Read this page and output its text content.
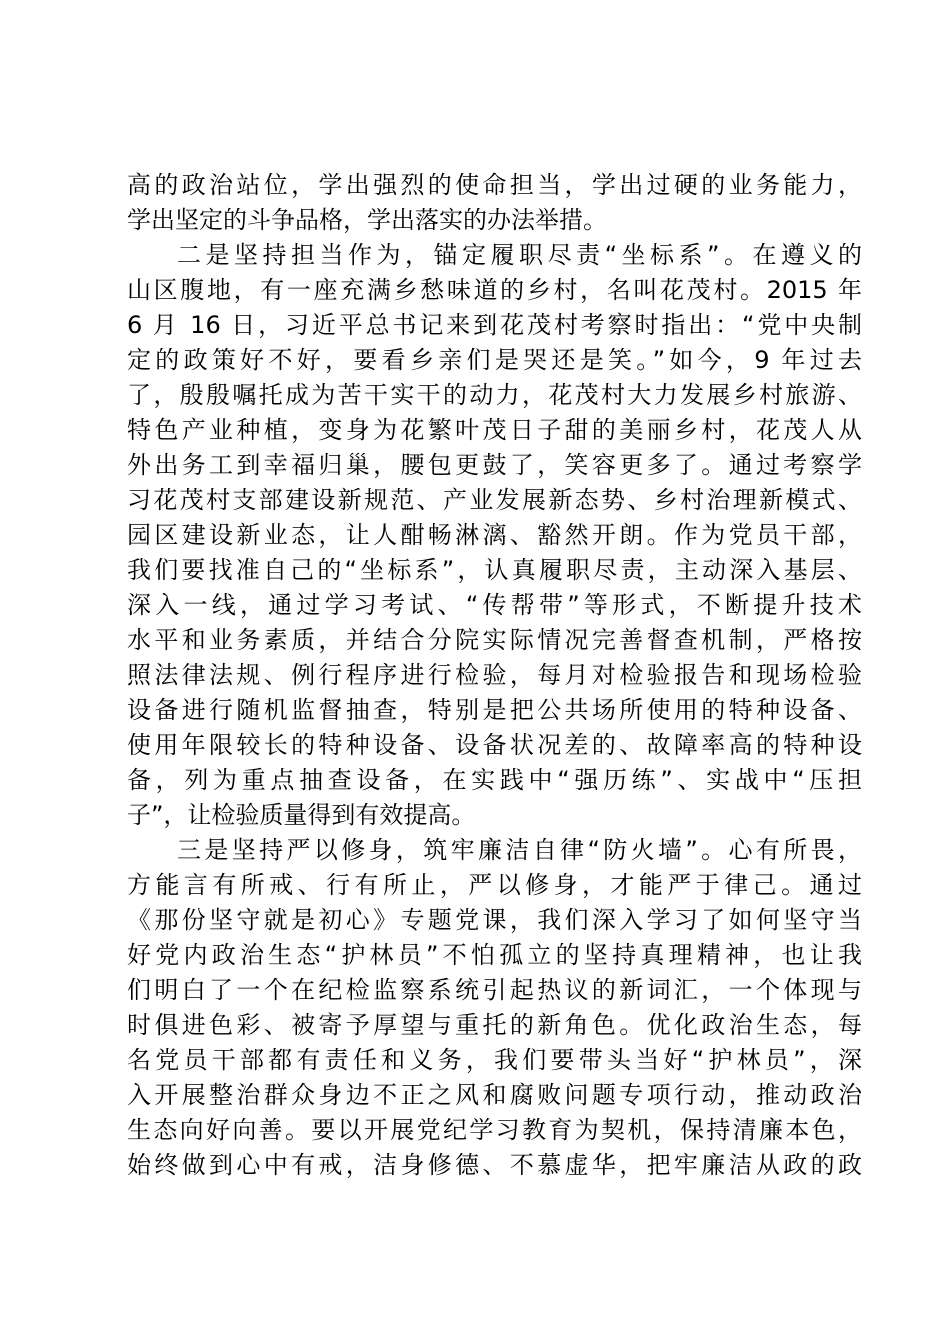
高的政治站位，学出强烈的使命担当，学出过硬的业务能力，
学出坚定的斗争品格，学出落实的办法举措。
二是坚持担当作为，锚定履职尽责“坐标系”。在遵义的
山区腹地，有一座充满乡愁味道的乡村，名叫花茂村。2015 年
6 月 16 日，习近平总书记来到花茂村考察时指出：“党中央制
定的政策好不好，要看乡亲们是哭还是笑。”如今，9 年过去
了，殷殷嘱托成为苦干实干的动力，花茂村大力发展乡村旅游、
特色产业种植，变身为花繁叶茂日子甜的美丽乡村，花茂人从
外出务工到幸福归巢，腰包更鼓了，笑容更多了。通过考察学
习花茂村支部建设新规范、产业发展新态势、乡村治理新模式、
园区建设新业态，让人酣畅淋漓、豁然开朗。作为党员干部，
我们要找准自己的“坐标系”，认真履职尽责，主动深入基层、
深入一线，通过学习考试、“传帮带”等形式，不断提升技术
水平和业务素质，并结合分院实际情况完善督查机制，严格按
照法律法规、例行程序进行检验，每月对检验报告和现场检验
设备进行随机监督抽查，特别是把公共场所使用的特种设备、
使用年限较长的特种设备、设备状况差的、故障率高的特种设
备，列为重点抽查设备，在实践中“强历练”、实战中“压担
子”，让检验质量得到有效提高。
三是坚持严以修身，筑牢廉洁自律“防火墙”。心有所畏，
方能言有所戒、行有所止，严以修身，才能严于律己。通过
《那份坚守就是初心》专题党课，我们深入学习了如何坚守当
好党内政治生态“护林员”不怕孤立的坚持真理精神，也让我
们明白了一个在纪检监察系统引起热议的新词汇，一个体现与
时俱进色彩、被寄予厚望与重托的新角色。优化政治生态，每
名党员干部都有责任和义务，我们要带头当好“护林员”，深
入开展整治群众身边不正之风和腐败问题专项行动，推动政治
生态向好向善。要以开展党纪学习教育为契机，保持清廉本色，
始终做到心中有戒，洁身修德、不慕虚华，把牢廉洁从政的政
